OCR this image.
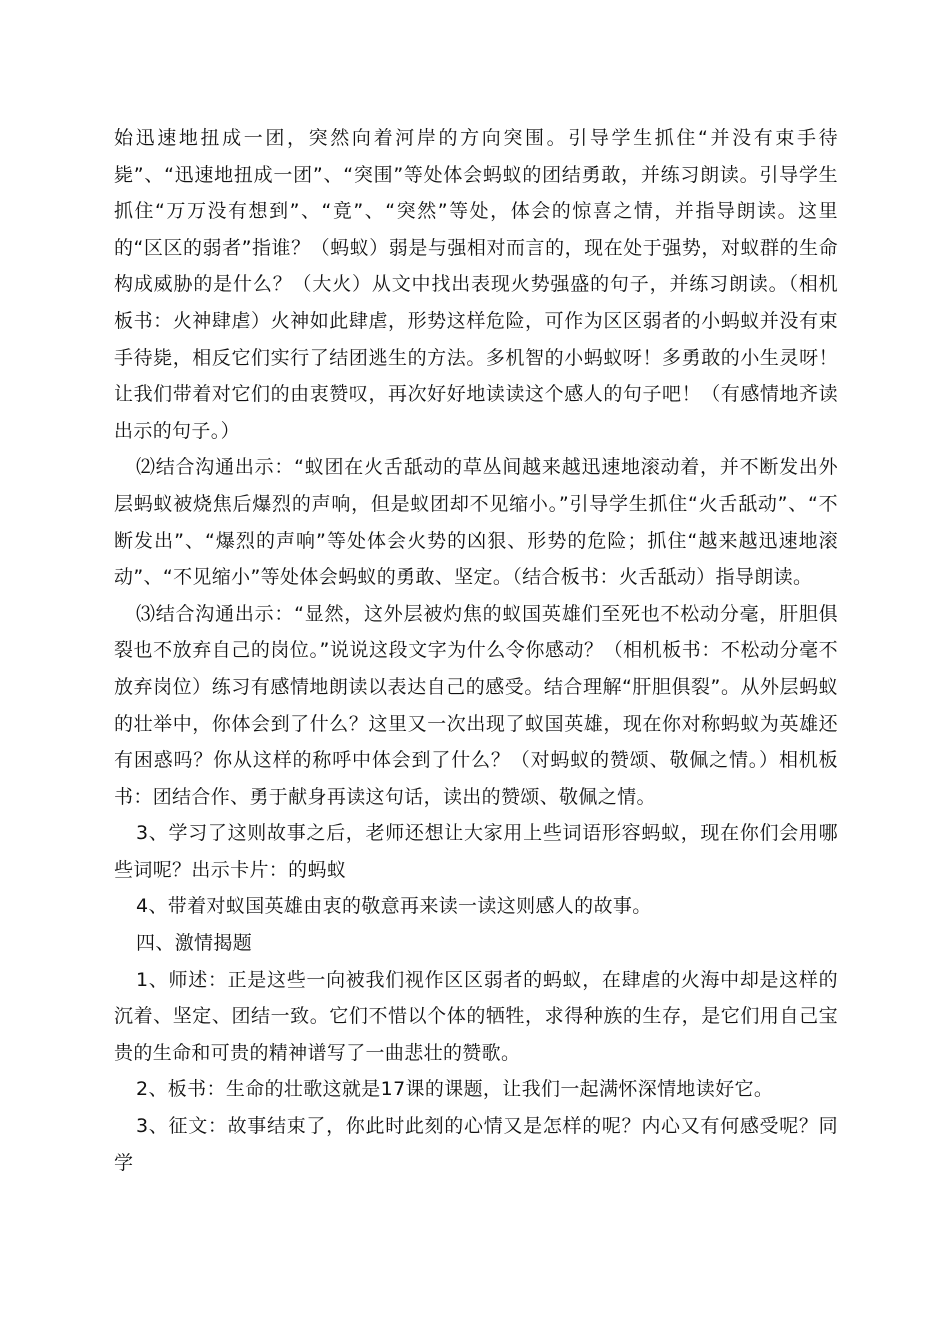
始迅速地扭成一团，突然向着河岸的方向突围。引导学生抓住“并没有束手待毙”、“迅速地扭成一团”、“突围”等处体会蚂蚁的团结勇敢，并练习朗读。引导学生抓住“万万没有想到”、“竟”、“突然”等处，体会的惊喜之情，并指导朗读。这里的“区区的弱者”指谁？（蚂蚁）弱是与强相对而言的，现在处于强势，对蚁群的生命构成威胁的是什么？（大火）从文中找出表现火势强盛的句子，并练习朗读。（相机板书：火神肆虐）火神如此肆虐，形势这样危险，可作为区区弱者的小蚂蚁并没有束手待毙，相反它们实行了结团逃生的方法。多机智的小蚂蚁呀！多勇敢的小生灵呀！让我们带着对它们的由衷赞叹，再次好好地读读这个感人的句子吧！（有感情地齐读出示的句子。）

⑵结合沟通出示：“蚁团在火舌舐动的草丛间越来越迅速地滚动着，并不断发出外层蚂蚁被烧焦后爆烈的声响，但是蚁团却不见缩小。”引导学生抓住“火舌舐动”、“不断发出”、“爆烈的声响”等处体会火势的凶狠、形势的危险；抓住“越来越迅速地滚动”、“不见缩小”等处体会蚂蚁的勇敢、坚定。（结合板书：火舌舐动）指导朗读。

⑶结合沟通出示：“显然，这外层被灼焦的蚁国英雄们至死也不松动分毫，肝胆俱裂也不放弃自己的岗位。”说说这段文字为什么令你感动？（相机板书：不松动分毫不放弃岗位）练习有感情地朗读以表达自己的感受。结合理解“肝胆俱裂”。从外层蚂蚁的壮举中，你体会到了什么？这里又一次出现了蚁国英雄，现在你对称蚂蚁为英雄还有困惑吗？你从这样的称呼中体会到了什么？（对蚂蚁的赞颂、敬佩之情。）相机板书：团结合作、勇于献身再读这句话，读出的赞颂、敬佩之情。

3、学习了这则故事之后，老师还想让大家用上些词语形容蚂蚁，现在你们会用哪些词呢？出示卡片：的蚂蚁

4、带着对蚁国英雄由衷的敬意再来读一读这则感人的故事。

四、激情揭题

1、师述：正是这些一向被我们视作区区弱者的蚂蚁，在肆虐的火海中却是这样的沉着、坚定、团结一致。它们不惜以个体的牺牲，求得种族的生存，是它们用自己宝贵的生命和可贵的精神谱写了一曲悲壮的赞歌。

2、板书：生命的壮歌这就是17课的课题，让我们一起满怀深情地读好它。

3、征文：故事结束了，你此时此刻的心情又是怎样的呢？内心又有何感受呢？同学
